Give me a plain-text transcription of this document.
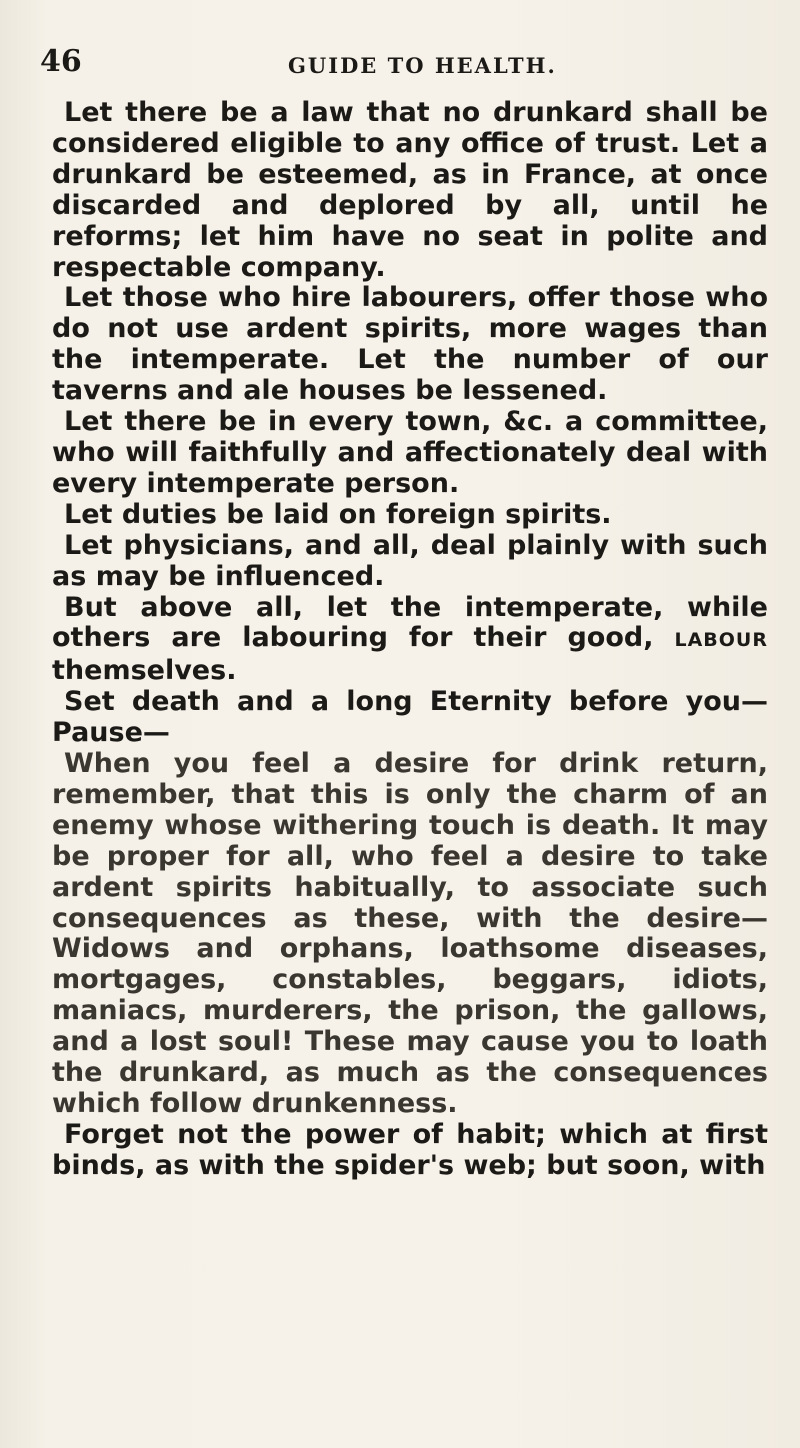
46	GUIDE TO HEALTH.

Let there be a law that no drunkard shall be considered eligible to any office of trust. Let a drunkard be esteemed, as in France, at once discarded and deplored by all, until he reforms; let him have no seat in polite and respectable company.

Let those who hire labourers, offer those who do not use ardent spirits, more wages than the intemperate. Let the number of our taverns and ale houses be lessened.

Let there be in every town, &c. a committee, who will faithfully and affectionately deal with every intemperate person.

Let duties be laid on foreign spirits.

Let physicians, and all, deal plainly with such as may be influenced.

But above all, let the intemperate, while others are labouring for their good, LABOUR themselves.

Set death and a long Eternity before you—Pause—

When you feel a desire for drink return, remember, that this is only the charm of an enemy whose withering touch is death. It may be proper for all, who feel a desire to take ardent spirits habitually, to associate such consequences as these, with the desire—Widows and orphans, loathsome diseases, mortgages, constables, beggars, idiots, maniacs, murderers, the prison, the gallows, and a lost soul! These may cause you to loath the drunkard, as much as the consequences which follow drunkenness.

Forget not the power of habit; which at first binds, as with the spider's web; but soon, with
